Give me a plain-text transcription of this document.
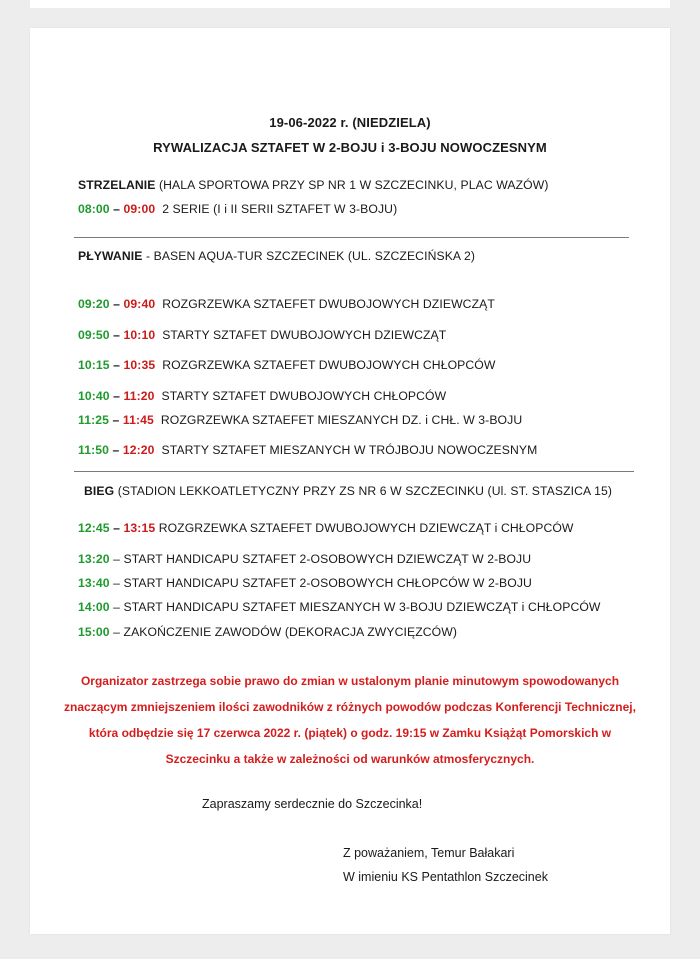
19-06-2022 r. (NIEDZIELA)
RYWALIZACJA SZTAFET W 2-BOJU i 3-BOJU NOWOCZESNYM
STRZELANIE (HALA SPORTOWA PRZY SP NR 1 W SZCZECINKU, PLAC WAZÓW)
08:00 – 09:00 2 SERIE (I i II SERII SZTAFET W 3-BOJU)
PŁYWANIE - BASEN AQUA-TUR SZCZECINEK (UL. SZCZECIŃSKA 2)
09:20 – 09:40 ROZGRZEWKA SZTAEFET DWUBOJOWYCH DZIEWCZĄT
09:50 – 10:10 STARTY SZTAFET DWUBOJOWYCH DZIEWCZĄT
10:15 – 10:35 ROZGRZEWKA SZTAEFET DWUBOJOWYCH CHŁOPCÓW
10:40 – 11:20 STARTY SZTAFET DWUBOJOWYCH CHŁOPCÓW
11:25 – 11:45 ROZGRZEWKA SZTAEFET MIESZANYCH DZ. i CHŁ. W 3-BOJU
11:50 – 12:20 STARTY SZTAFET MIESZANYCH W TRÓJBOJU NOWOCZESNYM
BIEG (STADION LEKKOATLETYCZNY PRZY ZS NR 6 W SZCZECINKU (Ul. ST. STASZICA 15)
12:45 – 13:15 ROZGRZEWKA SZTAEFET DWUBOJOWYCH DZIEWCZĄT i CHŁOPCÓW
13:20 – START HANDICAPU SZTAFET 2-OSOBOWYCH DZIEWCZĄT W 2-BOJU
13:40 – START HANDICAPU SZTAFET 2-OSOBOWYCH CHŁOPCÓW W 2-BOJU
14:00 – START HANDICAPU SZTAFET MIESZANYCH W 3-BOJU DZIEWCZĄT i CHŁOPCÓW
15:00 – ZAKOŃCZENIE ZAWODÓW (DEKORACJA ZWYCIĘZCÓW)
Organizator zastrzega sobie prawo do zmian w ustalonym planie minutowym spowodowanych
znaczącym zmniejszeniem ilości zawodników z różnych powodów podczas Konferencji Technicznej,
która odbędzie się 17 czerwca 2022 r. (piątek) o godz. 19:15 w Zamku Książąt Pomorskich w
Szczecinku a także w zależności od warunków atmosferycznych.
Zapraszamy serdecznie do Szczecinka!
Z poważaniem, Temur Bałakari
W imieniu KS Pentathlon Szczecinek
